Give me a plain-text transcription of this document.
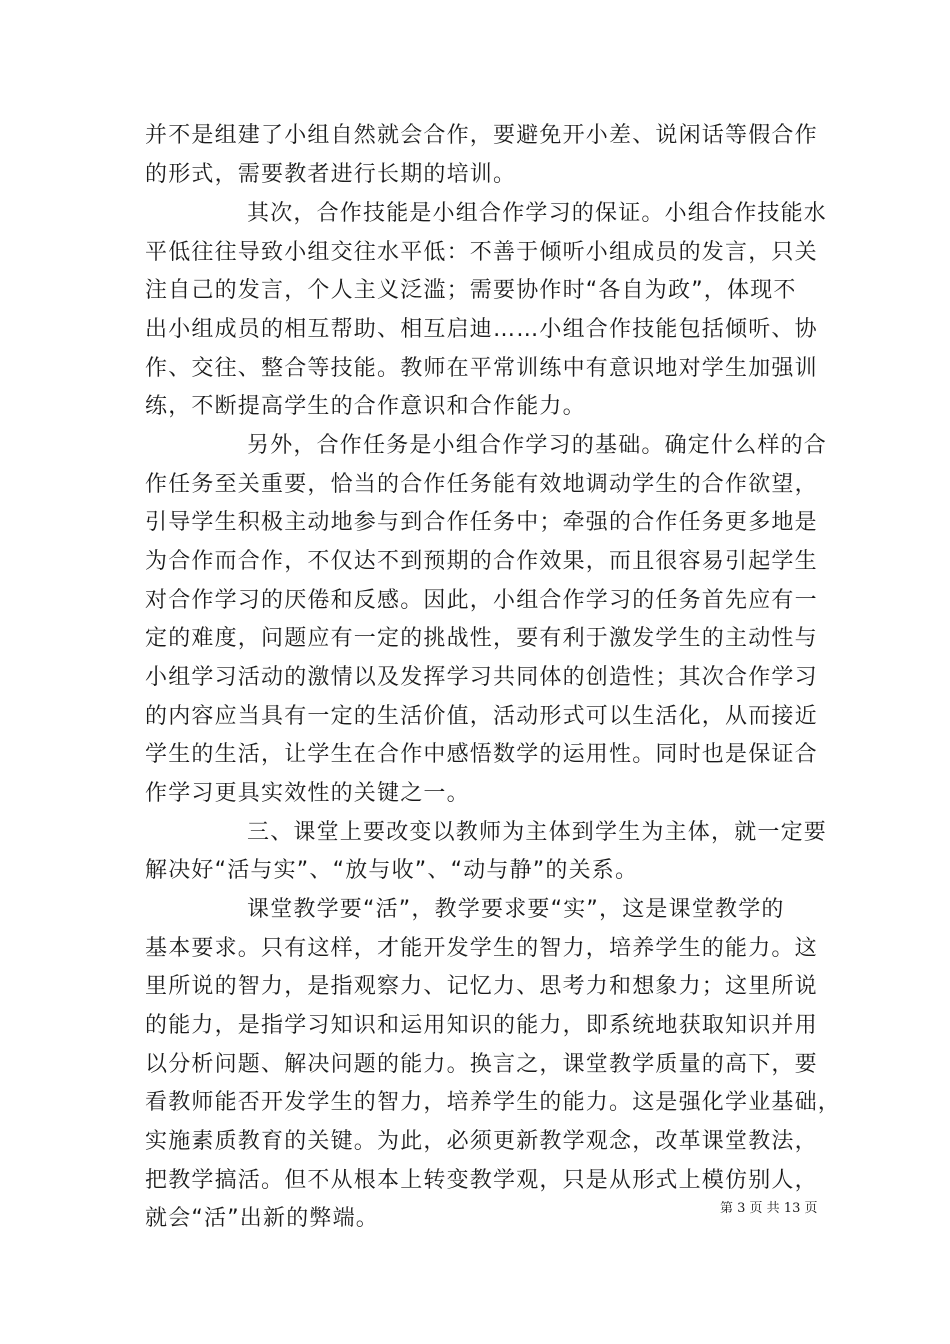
并不是组建了小组自然就会合作，要避免开小差、说闲话等假合作
的形式，需要教者进行长期的培训。
其次，合作技能是小组合作学习的保证。小组合作技能水
平低往往导致小组交往水平低：不善于倾听小组成员的发言，只关
注自己的发言，个人主义泛滥；需要协作时“各自为政”，体现不
出小组成员的相互帮助、相互启迪……小组合作技能包括倾听、协
作、交往、整合等技能。教师在平常训练中有意识地对学生加强训
练，不断提高学生的合作意识和合作能力。
另外，合作任务是小组合作学习的基础。确定什么样的合
作任务至关重要，恰当的合作任务能有效地调动学生的合作欲望，
引导学生积极主动地参与到合作任务中；牵强的合作任务更多地是
为合作而合作，不仅达不到预期的合作效果，而且很容易引起学生
对合作学习的厌倦和反感。因此，小组合作学习的任务首先应有一
定的难度，问题应有一定的挑战性，要有利于激发学生的主动性与
小组学习活动的激情以及发挥学习共同体的创造性；其次合作学习
的内容应当具有一定的生活价值，活动形式可以生活化，从而接近
学生的生活，让学生在合作中感悟数学的运用性。同时也是保证合
作学习更具实效性的关键之一。
三、课堂上要改变以教师为主体到学生为主体，就一定要
解决好“活与实”、“放与收”、“动与静”的关系。
课堂教学要“活”，教学要求要“实”，这是课堂教学的
基本要求。只有这样，才能开发学生的智力，培养学生的能力。这
里所说的智力，是指观察力、记忆力、思考力和想象力；这里所说
的能力，是指学习知识和运用知识的能力，即系统地获取知识并用
以分析问题、解决问题的能力。换言之，课堂教学质量的高下，要
看教师能否开发学生的智力，培养学生的能力。这是强化学业基础，
实施素质教育的关键。为此，必须更新教学观念，改革课堂教法，
把教学搞活。但不从根本上转变教学观，只是从形式上模仿别人，
就会“活”出新的弊端。	第 3 页 共 13 页
